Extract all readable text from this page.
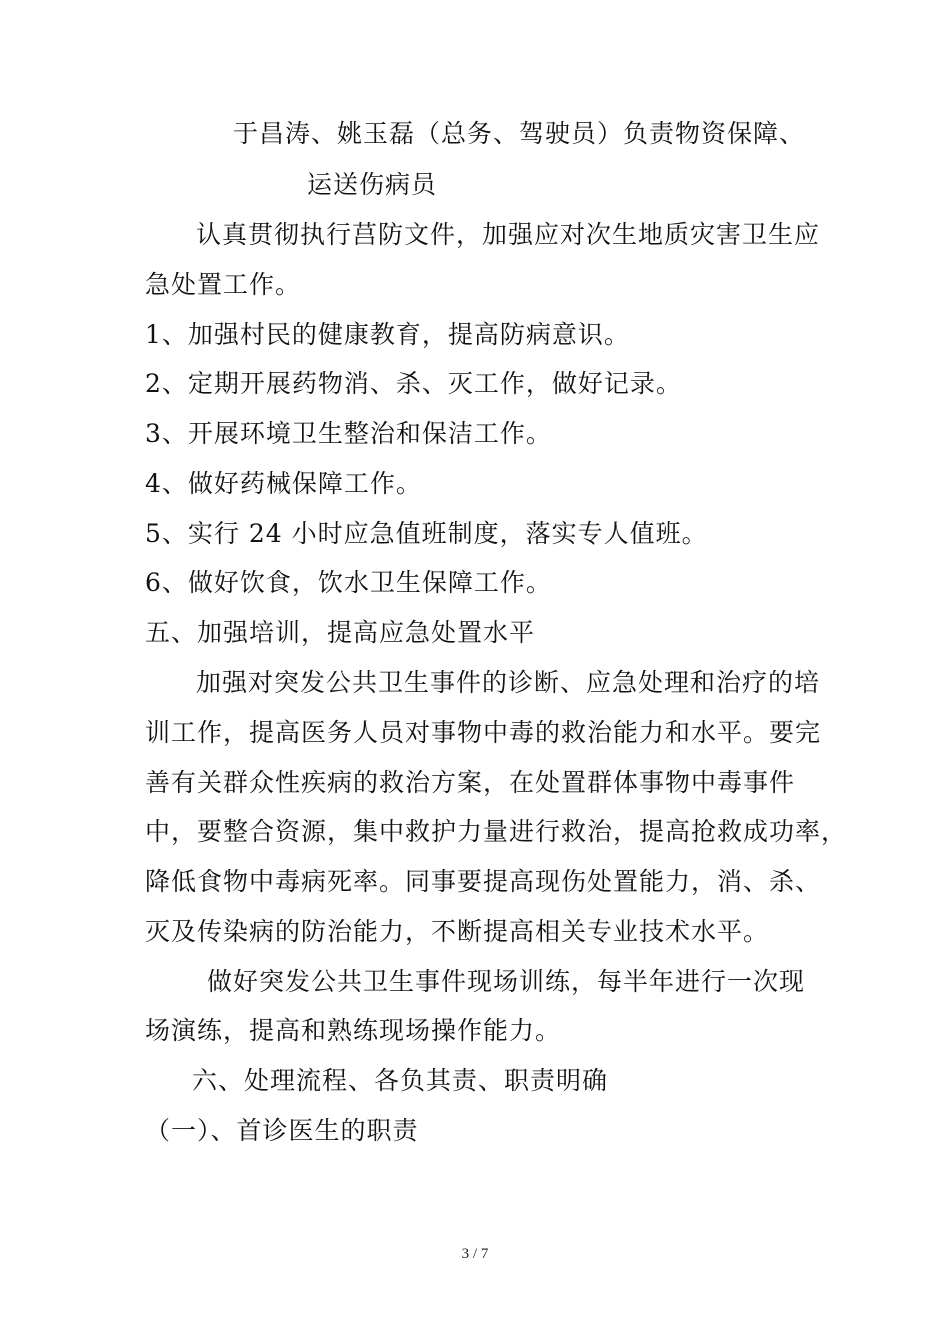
于昌涛、姚玉磊（总务、驾驶员）负责物资保障、
运送伤病员
认真贯彻执行莒防文件，加强应对次生地质灾害卫生应
急处置工作。
1、加强村民的健康教育，提高防病意识。
2、定期开展药物消、杀、灭工作，做好记录。
3、开展环境卫生整治和保洁工作。
4、做好药械保障工作。
5、实行 24 小时应急值班制度，落实专人值班。
6、做好饮食，饮水卫生保障工作。
五、加强培训，提高应急处置水平
加强对突发公共卫生事件的诊断、应急处理和治疗的培
训工作，提高医务人员对事物中毒的救治能力和水平。要完
善有关群众性疾病的救治方案，在处置群体事物中毒事件
中，要整合资源，集中救护力量进行救治，提高抢救成功率，
降低食物中毒病死率。同事要提高现伤处置能力，消、杀、
灭及传染病的防治能力，不断提高相关专业技术水平。
做好突发公共卫生事件现场训练，每半年进行一次现
场演练，提高和熟练现场操作能力。
六、处理流程、各负其责、职责明确
（一）、首诊医生的职责
3 / 7
